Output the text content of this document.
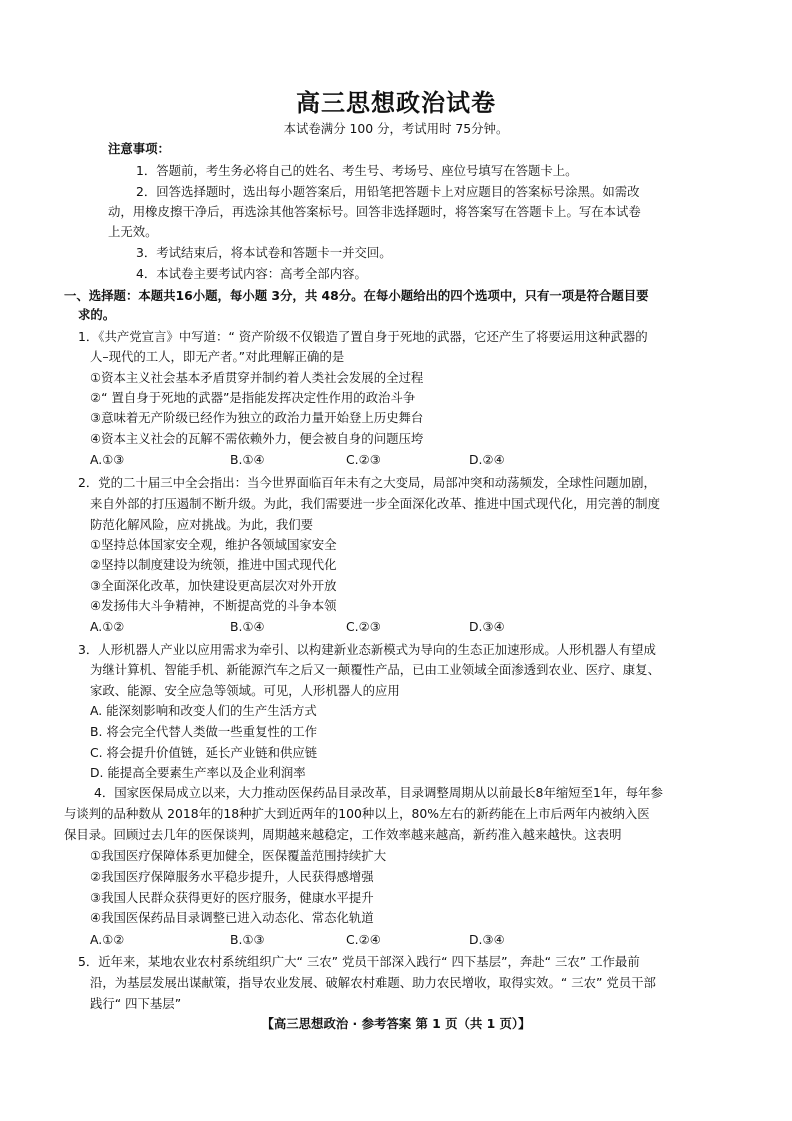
高三思想政治试卷
本试卷满分 100 分，考试用时 75分钟。
注意事项：
1．答题前，考生务必将自己的姓名、考生号、考场号、座位号填写在答题卡上。
2．回答选择题时，选出每小题答案后，用铅笔把答题卡上对应题目的答案标号涂黑。如需改
动，用橡皮擦干净后，再选涂其他答案标号。回答非选择题时，将答案写在答题卡上。写在本试卷
上无效。
3．考试结束后，将本试卷和答题卡一并交回。
4．本试卷主要考试内容：高考全部内容。
一、选择题：本题共16小题，每小题 3分，共 48分。在每小题给出的四个选项中，只有一项是符合题目要
求的。
1．《共产党宣言》中写道：“ 资产阶级不仅锻造了置自身于死地的武器，它还产生了将要运用这种武器的
人–现代的工人，即无产者。”对此理解正确的是
①资本主义社会基本矛盾贯穿并制约着人类社会发展的全过程
②“ 置自身于死地的武器”是指能发挥决定性作用的政治斗争
③意味着无产阶级已经作为独立的政治力量开始登上历史舞台
④资本主义社会的瓦解不需依赖外力，便会被自身的问题压垮
A.①③	B.①④	C.②③	D.②④
2．党的二十届三中全会指出：当今世界面临百年未有之大变局，局部冲突和动荡频发，全球性问题加剧，
来自外部的打压遏制不断升级。为此，我们需要进一步全面深化改革、推进中国式现代化，用完善的制度
防范化解风险，应对挑战。为此，我们要
①坚持总体国家安全观，维护各领域国家安全
②坚持以制度建设为统领，推进中国式现代化
③全面深化改革，加快建设更高层次对外开放
④发扬伟大斗争精神，不断提高党的斗争本领
A.①②	B.①④	C.②③	D.③④
3．人形机器人产业以应用需求为牵引、以构建新业态新模式为导向的生态正加速形成。人形机器人有望成
为继计算机、智能手机、新能源汽车之后又一颠覆性产品，已由工业领域全面渗透到农业、医疗、康复、
家政、能源、安全应急等领域。可见，人形机器人的应用
A. 能深刻影响和改变人们的生产生活方式
B. 将会完全代替人类做一些重复性的工作
C. 将会提升价值链，延长产业链和供应链
D. 能提高全要素生产率以及企业利润率
4．国家医保局成立以来，大力推动医保药品目录改革，目录调整周期从以前最长8年缩短至1年，每年参
与谈判的品种数从 2018年的18种扩大到近两年的100种以上，80%左右的新药能在上市后两年内被纳入医
保目录。回顾过去几年的医保谈判，周期越来越稳定，工作效率越来越高，新药准入越来越快。这表明
①我国医疗保障体系更加健全，医保覆盖范围持续扩大
②我国医疗保障服务水平稳步提升，人民获得感增强
③我国人民群众获得更好的医疗服务，健康水平提升
④我国医保药品目录调整已进入动态化、常态化轨道
A.①②	B.①③	C.②④	D.③④
5．近年来，某地农业农村系统组织广大“ 三农” 党员干部深入践行“ 四下基层”，奔赴“ 三农” 工作最前
沿，为基层发展出谋献策，指导农业发展、破解农村难题、助力农民增收，取得实效。“ 三农” 党员干部
践行“ 四下基层”
【高三思想政治 · 参考答案 第 1 页（共 1 页）】
